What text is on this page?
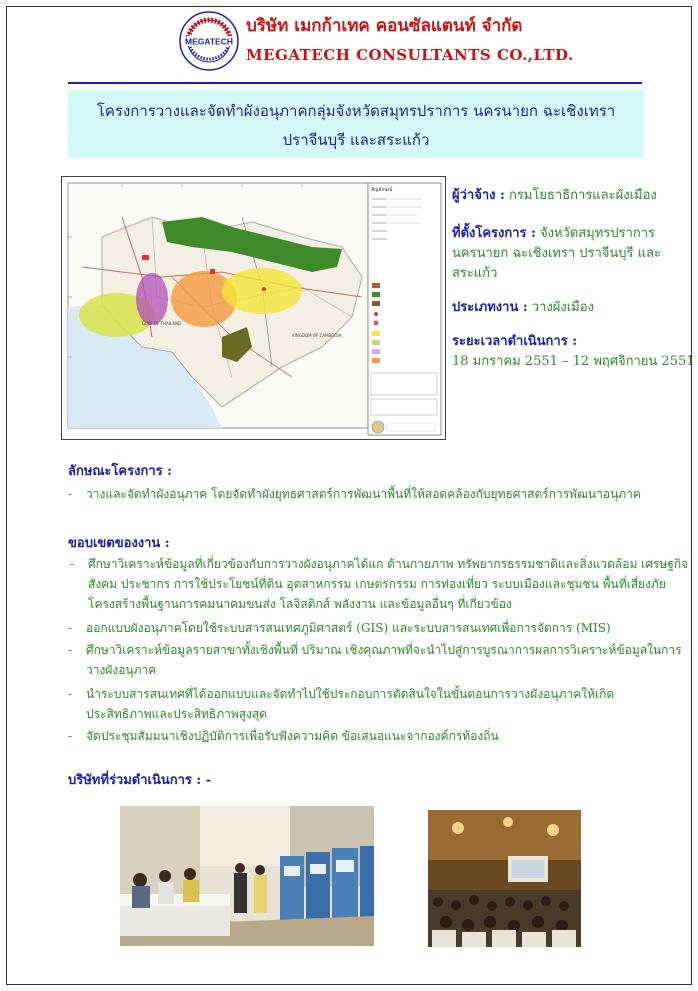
MEGATECH
บริษัท เมกก้าเทค คอนซัลแตนท์ จำกัด
MEGATECH CONSULTANTS CO.,LTD.
โครงการวางและจัดทำผังอนุภาคกลุ่มจังหวัดสมุทรปราการ นครนายก ฉะเชิงเทรา
ปราจีนบุรี และสระแก้ว
GULF OF THAILAND
KINGDOM OF CAMBODIA
สัญลักษณ์	ผู้ว่าจ้าง : กรมโยธาธิการและผังเมือง
ที่ตั้งโครงการ : จังหวัดสมุทรปราการ
นครนายก ฉะเชิงเทรา ปราจีนบุรี และ
สระแก้ว
ประเภทงาน : วางผังเมือง
ระยะเวลาดำเนินการ :
18 มกราคม 2551 – 12 พฤศจิกายน 2551
ลักษณะโครงการ :
- วางและจัดทำผังอนุภาค โดยจัดทำผังยุทธศาสตร์การพัฒนาพื้นที่ให้สอดคล้องกับยุทธศาสตร์การพัฒนาอนุภาค
ขอบเขตของงาน :
- ศึกษาวิเคราะห์ข้อมูลที่เกี่ยวข้องกับการวางผังอนุภาคได้แก ด้านกายภาพ ทรัพยากรธรรมชาติและสิ่งแวดล้อม เศรษฐกิจ
สังคม ประชากร การใช้ประโยชน์ที่ดิน อุตสาหกรรม เกษตรกรรม การท่องเที่ยว ระบบเมืองและชุมชน พื้นที่เสี่ยงภัย
โครงสร้างพื้นฐานการคมนาคมขนส่ง โลจิสติกส์ พลังงาน และข้อมูลอื่นๆ ที่เกี่ยวข้อง
- ออกแบบผังอนุภาคโดยใช้ระบบสารสนเทศภูมิศาสตร์ (GIS) และระบบสารสนเทศเพื่อการจัดการ (MIS)
- ศึกษาวิเคราะห์ข้อมูลรายสาขาทั้งเชิงพื้นที่ ปริมาณ เชิงคุณภาพที่จะนำไปสู่การบูรณาการผลการวิเคราะห์ข้อมูลในการ
วางผังอนุภาค
- นำระบบสารสนเทศที่ได้ออกแบบและจัดทำไปใช้ประกอบการตัดสินใจในขั้นตอนการวางผังอนุภาคให้เกิด
ประสิทธิภาพและประสิทธิภาพสูงสุด
- จัดประชุมสัมมนาเชิงปฏิบัติการเพื่อรับฟังความคิด ข้อเสนอแนะจากองค์กรท้องถิ่น
บริษัทที่ร่วมดำเนินการ : -
